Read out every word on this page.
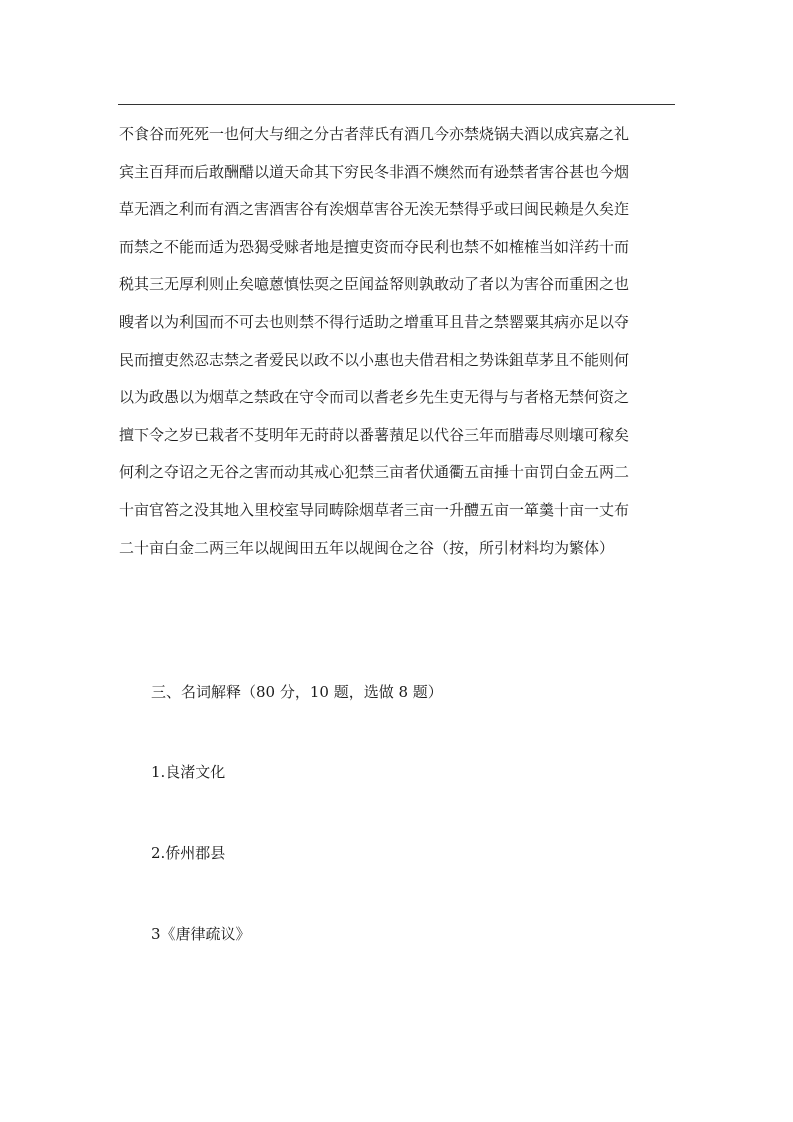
不食谷而死死一也何大与细之分古者萍氏有酒几今亦禁烧锅夫酒以成宾嘉之礼
宾主百拜而后敢酬醋以道天命其下穷民冬非酒不燠然而有逊禁者害谷甚也今烟
草无酒之利而有酒之害酒害谷有涘烟草害谷无涘无禁得乎或曰闽民赖是久矣迮
而禁之不能而适为恐猲受赇者地是擅吏资而夺民利也禁不如榷榷当如洋药十而
税其三无厚利则止矣噫蒽慎怯耎之臣闻益帑则孰敢动了者以为害谷而重困之也
瞍者以为利国而不可去也则禁不得行适助之增重耳且昔之禁罂粟其病亦足以夺
民而擅吏然忍志禁之者爱民以政不以小惠也夫借君相之势诛鉏草茅且不能则何
以为政愚以为烟草之禁政在守令而司以耆老乡先生吏无得与与者格无禁何资之
擅下令之岁已栽者不芟明年无莳莳以番薯蕷足以代谷三年而腊毒尽则壤可稼矣
何利之夺诏之无谷之害而动其戒心犯禁三亩者伏通衢五亩捶十亩罚白金五两二
十亩官笞之没其地入里校室导同畴除烟草者三亩一升醴五亩一箪羹十亩一丈布
二十亩白金二两三年以觇闽田五年以觇闽仓之谷（按，所引材料均为繁体）
三、名词解释（80 分，10 题，选做 8 题）

1.良渚文化

2.侨州郡县

3《唐律疏议》
